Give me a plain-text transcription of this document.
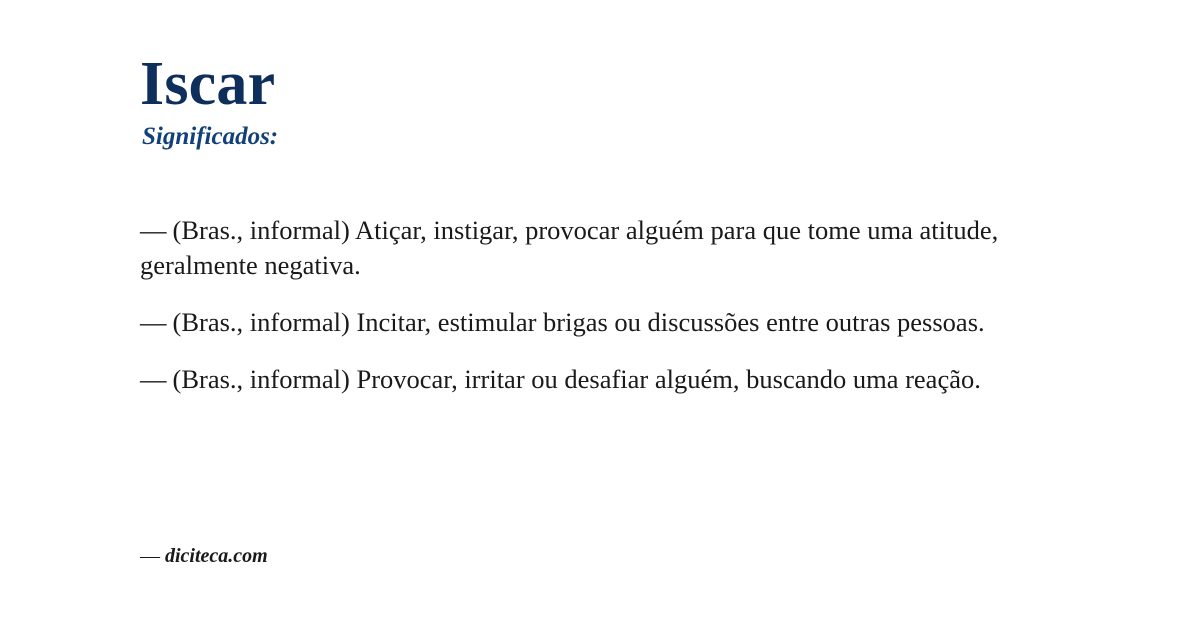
Iscar
Significados:

— (Bras., informal) Atiçar, instigar, provocar alguém para que tome uma atitude, geralmente negativa.

— (Bras., informal) Incitar, estimular brigas ou discussões entre outras pessoas.

— (Bras., informal) Provocar, irritar ou desafiar alguém, buscando uma reação.

— diciteca.com
